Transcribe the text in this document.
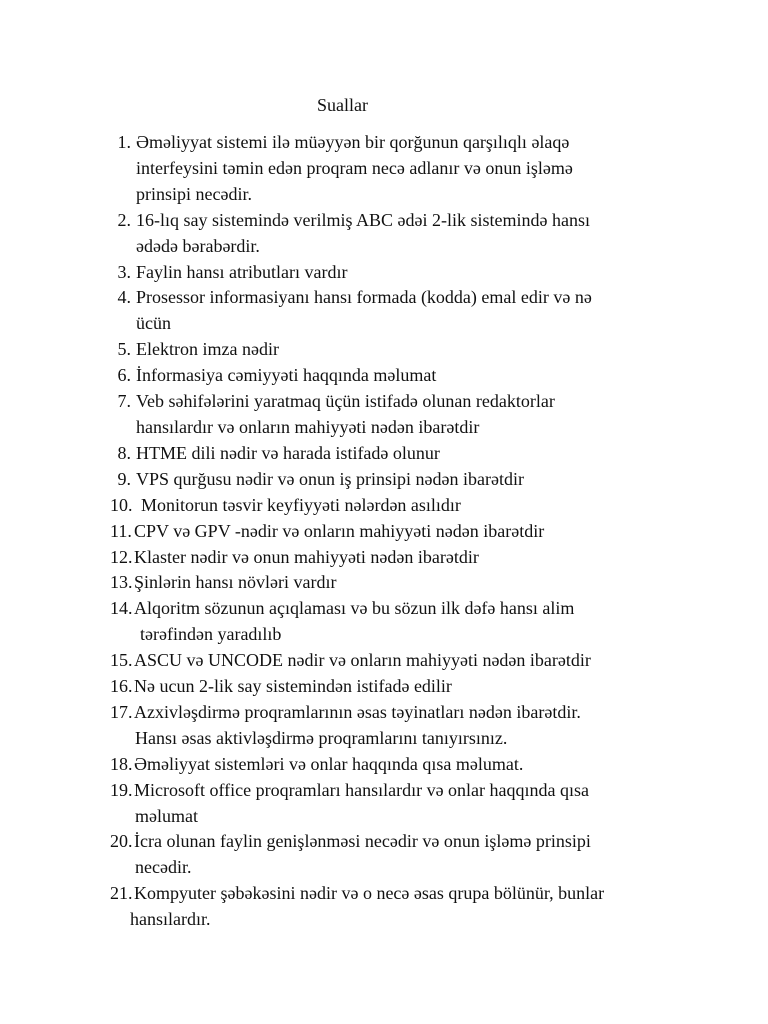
Suallar
1. Əməliyyat sistemi ilə müəyyən bir qorğunun qarşılıqlı əlaqə
interfeysini təmin edən proqram necə adlanır və onun işləmə
prinsipi necədir.
2. 16-lıq say sistemində verilmiş ABC ədəi 2-lik sistemində hansı
ədədə bərabərdir.
3. Faylin hansı atributları vardır
4. Prosessor informasiyanı hansı formada (kodda) emal edir və nə
ücün
5. Elektron imza nədir
6. İnformasiya cəmiyyəti haqqında məlumat
7. Veb səhifələrini yaratmaq üçün istifadə olunan redaktorlar
hansılardır və onların mahiyyəti nədən ibarətdir
8. HTME dili nədir və harada istifadə olunur
9. VPS qurğusu nədir və onun iş prinsipi nədən ibarətdir
10. Monitorun təsvir keyfiyyəti nələrdən asılıdır
11. CPV və GPV -nədir və onların mahiyyəti nədən ibarətdir
12. Klaster nədir və onun mahiyyəti nədən ibarətdir
13. Şinlərin hansı növləri vardır
14. Alqoritm sözunun açıqlaması və bu sözun ilk dəfə hansı alim
tərəfindən yaradılıb
15. ASCU və UNCODE nədir və onların mahiyyəti nədən ibarətdir
16. Nə ucun 2-lik say sistemindən istifadə edilir
17. Azxivləşdirmə proqramlarının əsas təyinatları nədən ibarətdir.
Hansı əsas aktivləşdirmə proqramlarını tanıyırsınız.
18. Əməliyyat sistemləri və onlar haqqında qısa məlumat.
19. Microsoft office proqramları hansılardır və onlar haqqında qısa
məlumat
20. İcra olunan faylin genişlənməsi necədir və onun işləmə prinsipi
necədir.
21. Kompyuter şəbəkəsini nədir və o necə əsas qrupa bölünür, bunlar
hansılardır.
